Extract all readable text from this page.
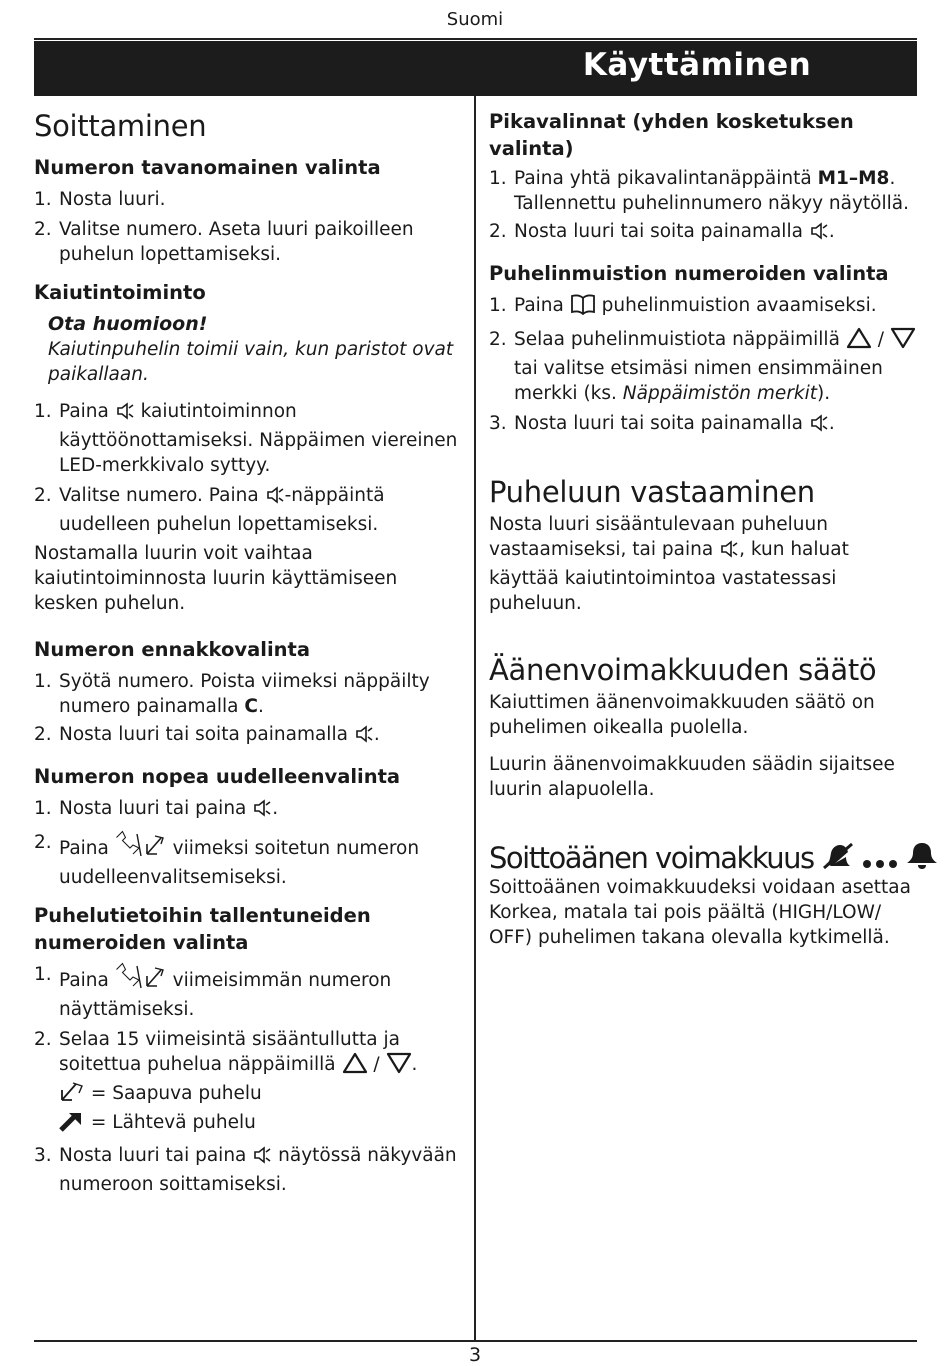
Suomi
Käyttäminen
Soittaminen
Numeron tavanomainen valinta
1. Nosta luuri.
2. Valitse numero. Aseta luuri paikoilleen puhelun lopettamiseksi.
Kaiutintoiminto
Ota huomioon!
Kaiutinpuhelin toimii vain, kun paristot ovat paikallaan.
1. Paina kaiutintoiminnon käyttöönottamiseksi. Näppäimen viereinen LED-merkkivalo syttyy.
2. Valitse numero. Paina -näppäintä uudelleen puhelun lopettamiseksi.

Nostamalla luurin voit vaihtaa kaiutintoiminnosta luurin käyttämiseen kesken puhelun.

Numeron ennakkovalinta
1. Syötä numero. Poista viimeksi näppäilty numero painamalla C.
2. Nosta luuri tai soita painamalla .
Numeron nopea uudelleenvalinta
1. Nosta luuri tai paina .
2. Paina	viimeksi soitetun numeron uudelleenvalitsemiseksi.
Puhelutietoihin tallentuneiden numeroiden valinta
1. Paina	viimeisimmän numeron näyttämiseksi.
2. Selaa 15 viimeisintä sisääntullutta ja soitettua puhelua näppäimillä  / .
= Saapuva puhelu
= Lähtevä puhelu
3. Nosta luuri tai paina näytössä näkyvään numeroon soittamiseksi.
Pikavalinnat (yhden kosketuksen valinta)
1. Paina yhtä pikavalintanäppäintä M1–M8. Tallennettu puhelinnumero näkyy näytöllä.
2. Nosta luuri tai soita painamalla .
Puhelinmuistion numeroiden valinta
1. Paina puhelinmuistion avaamiseksi.
2. Selaa puhelinmuistiota näppäimillä  /  tai valitse etsimäsi nimen ensimmäinen merkki (ks. Näppäimistön merkit).
3. Nosta luuri tai soita painamalla .
Puheluun vastaaminen

Nosta luuri sisääntulevaan puheluun vastaamiseksi, tai paina , kun haluat käyttää kaiutintoimintoa vastatessasi puheluun.

Äänenvoimakkuuden säätö

Kaiuttimen äänenvoimakkuuden säätö on puhelimen oikealla puolella.

Luurin äänenvoimakkuuden säädin sijaitsee luurin alapuolella.

Soittoäänen voimakkuus

Soittoäänen voimakkuudeksi voidaan asettaa Korkea, matala tai pois päältä (HIGH/LOW/ OFF) puhelimen takana olevalla kytkimellä.

3
